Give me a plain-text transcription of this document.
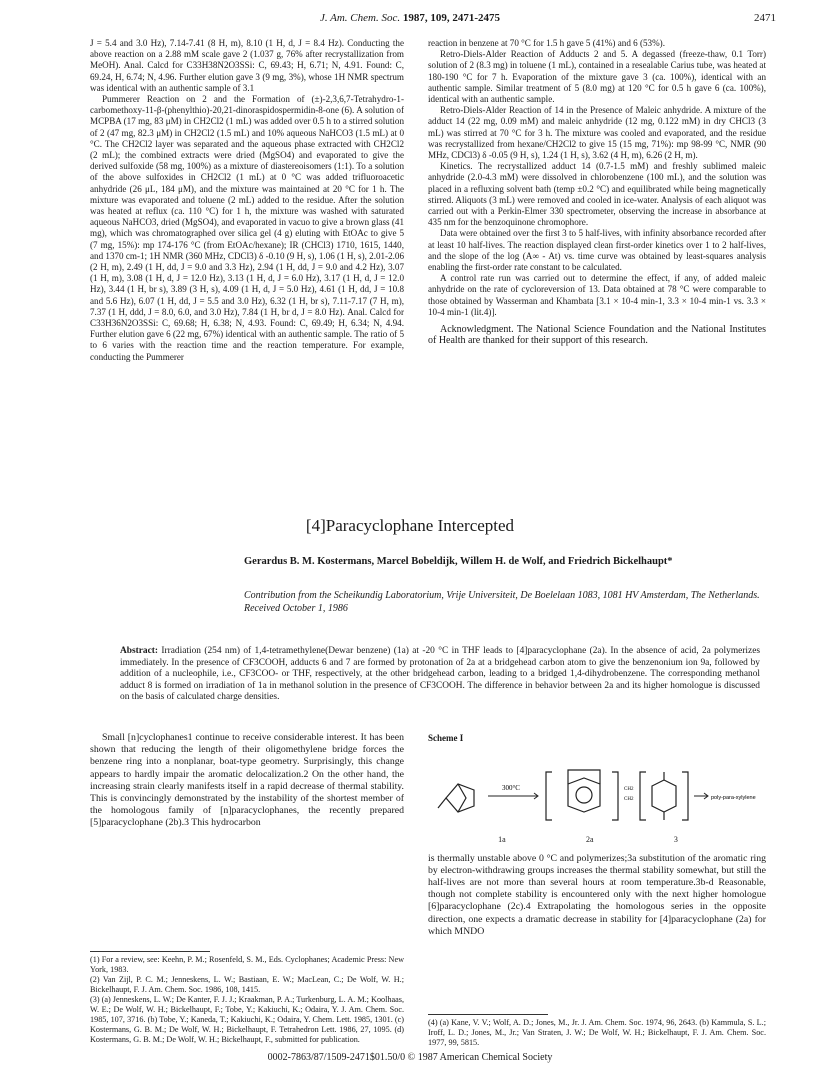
J. Am. Chem. Soc. 1987, 109, 2471-2475	2471

J = 5.4 and 3.0 Hz), 7.14-7.41 (8 H, m), 8.10 (1 H, d, J = 8.4 Hz). Conducting the above reaction on a 2.88 mM scale gave 2 (1.037 g, 76% after recrystallization from MeOH). Anal. Calcd for C33H38N2O3SSi: C, 69.43; H, 6.71; N, 4.91. Found: C, 69.24, H, 6.74; N, 4.96. Further elution gave 3 (9 mg, 3%), whose 1H NMR spectrum was identical with an authentic sample of 3.1

Pummerer Reaction on 2 and the Formation of (±)-2,3,6,7-Tetrahydro-1-carbomethoxy-11-β-(phenylthio)-20,21-dinoraspidospermidin-8-one (6). A solution of MCPBA (17 mg, 83 μM) in CH2Cl2 (1 mL) was added over 0.5 h to a stirred solution of 2 (47 mg, 82.3 μM) in CH2Cl2 (1.5 mL) and 10% aqueous NaHCO3 (1.5 mL) at 0 °C. The CH2Cl2 layer was separated and the aqueous phase extracted with CH2Cl2 (2 mL); the combined extracts were dried (MgSO4) and evaporated to give the derived sulfoxide (58 mg, 100%) as a mixture of diastereoisomers (1:1). To a solution of the above sulfoxides in CH2Cl2 (1 mL) at 0 °C was added trifluoroacetic anhydride (26 μL, 184 μM), and the mixture was maintained at 20 °C for 1 h. The mixture was evaporated and toluene (2 mL) added to the residue. After the solution was heated at reflux (ca. 110 °C) for 1 h, the mixture was washed with saturated aqueous NaHCO3, dried (MgSO4), and evaporated in vacuo to give a brown glass (41 mg), which was chromatographed over silica gel (4 g) eluting with EtOAc to give 5 (7 mg, 15%): mp 174-176 °C (from EtOAc/hexane); IR (CHCl3) 1710, 1615, 1440, and 1370 cm-1; 1H NMR (360 MHz, CDCl3) δ -0.10 (9 H, s), 1.06 (1 H, s), 2.01-2.06 (2 H, m), 2.49 (1 H, dd, J = 9.0 and 3.3 Hz), 2.94 (1 H, dd, J = 9.0 and 4.2 Hz), 3.07 (1 H, m), 3.08 (1 H, d, J = 12.0 Hz), 3.13 (1 H, d, J = 6.0 Hz), 3.17 (1 H, d, J = 12.0 Hz), 3.44 (1 H, br s), 3.89 (3 H, s), 4.09 (1 H, d, J = 5.0 Hz), 4.61 (1 H, dd, J = 10.8 and 5.6 Hz), 6.07 (1 H, dd, J = 5.5 and 3.0 Hz), 6.32 (1 H, br s), 7.11-7.17 (7 H, m), 7.37 (1 H, ddd, J = 8.0, 6.0, and 3.0 Hz), 7.84 (1 H, br d, J = 8.0 Hz). Anal. Calcd for C33H36N2O3SSi: C, 69.68; H, 6.38; N, 4.93. Found: C, 69.49; H, 6.34; N, 4.94. Further elution gave 6 (22 mg, 67%) identical with an authentic sample. The ratio of 5 to 6 varies with the reaction time and the reaction temperature. For example, conducting the Pummerer

reaction in benzene at 70 °C for 1.5 h gave 5 (41%) and 6 (53%).

Retro-Diels-Alder Reaction of Adducts 2 and 5. A degassed (freeze-thaw, 0.1 Torr) solution of 2 (8.3 mg) in toluene (1 mL), contained in a resealable Carius tube, was heated at 180-190 °C for 7 h. Evaporation of the mixture gave 3 (ca. 100%), identical with an authentic sample. Similar treatment of 5 (8.0 mg) at 120 °C for 0.5 h gave 6 (ca. 100%), identical with an authentic sample.

Retro-Diels-Alder Reaction of 14 in the Presence of Maleic anhydride. A mixture of the adduct 14 (22 mg, 0.09 mM) and maleic anhydride (12 mg, 0.122 mM) in dry CHCl3 (3 mL) was stirred at 70 °C for 3 h. The mixture was cooled and evaporated, and the residue was recrystallized from hexane/CH2Cl2 to give 15 (15 mg, 71%): mp 98-99 °C, NMR (90 MHz, CDCl3) δ -0.05 (9 H, s), 1.24 (1 H, s), 3.62 (4 H, m), 6.26 (2 H, m).

Kinetics. The recrystallized adduct 14 (0.7-1.5 mM) and freshly sublimed maleic anhydride (2.0-4.3 mM) were dissolved in chlorobenzene (100 mL), and the solution was placed in a refluxing solvent bath (temp ±0.2 °C) and equilibrated while being magnetically stirred. Aliquots (3 mL) were removed and cooled in ice-water. Analysis of each aliquot was carried out with a Perkin-Elmer 330 spectrometer, observing the increase in absorbance at 435 nm for the benzoquinone chromophore.

Data were obtained over the first 3 to 5 half-lives, with infinity absorbance recorded after at least 10 half-lives. The reaction displayed clean first-order kinetics over 1 to 2 half-lives, and the slope of the log (A∞ - At) vs. time curve was obtained by least-squares analysis enabling the first-order rate constant to be calculated.

A control rate run was carried out to determine the effect, if any, of added maleic anhydride on the rate of cycloreversion of 13. Data obtained at 78 °C were comparable to those obtained by Wasserman and Khambata [3.1 × 10-4 min-1, 3.3 × 10-4 min-1 vs. 3.3 × 10-4 min-1 (lit.4)].

Acknowledgment. The National Science Foundation and the National Institutes of Health are thanked for their support of this research.

[4]Paracyclophane Intercepted
Gerardus B. M. Kostermans, Marcel Bobeldijk, Willem H. de Wolf, and Friedrich Bickelhaupt*
Contribution from the Scheikundig Laboratorium, Vrije Universiteit, De Boelelaan 1083, 1081 HV Amsterdam, The Netherlands. Received October 1, 1986
Abstract: Irradiation (254 nm) of 1,4-tetramethylene(Dewar benzene) (1a) at -20 °C in THF leads to [4]paracyclophane (2a). In the absence of acid, 2a polymerizes immediately. In the presence of CF3COOH, adducts 6 and 7 are formed by protonation of 2a at a bridgehead carbon atom to give the benzenonium ion 9a, followed by addition of a nucleophile, i.e., CF3COO- or THF, respectively, at the other bridgehead carbon, leading to a bridged 1,4-dihydrobenzene. The corresponding methanol adduct 8 is formed on irradiation of 1a in methanol solution in the presence of CF3COOH. The difference in behavior between 2a and its higher homologue is discussed on the basis of calculated charge densities.

Small [n]cyclophanes1 continue to receive considerable interest. It has been shown that reducing the length of their oligomethylene bridge forces the benzene ring into a nonplanar, boat-type geometry. Surprisingly, this change appears to hardly impair the aromatic delocalization.2 On the other hand, the increasing strain clearly manifests itself in a rapid decrease of thermal stability. This is convincingly demonstrated by the instability of the shortest member of the homologous family of [n]paracyclophanes, the recently prepared [5]paracyclophane (2b).3 This hydrocarbon

Scheme I
300°C	CH2
CH2	poly-para-xylylene
1a	2a	3

is thermally unstable above 0 °C and polymerizes;3a substitution of the aromatic ring by electron-withdrawing groups increases the thermal stability somewhat, but still the half-lives are not more than several hours at room temperature.3b-d Reasonable, though not complete stability is encountered only with the next higher homologue [6]paracyclophane (2c).4 Extrapolating the homologous series in the opposite direction, one expects a dramatic decrease in stability for [4]paracyclophane (2a) for which MNDO

(1) For a review, see: Keehn, P. M.; Rosenfeld, S. M., Eds. Cyclophanes; Academic Press: New York, 1983.
(2) Van Zijl, P. C. M.; Jenneskens, L. W.; Bastiaan, E. W.; MacLean, C.; De Wolf, W. H.; Bickelhaupt, F. J. Am. Chem. Soc. 1986, 108, 1415.
(3) (a) Jenneskens, L. W.; De Kanter, F. J. J.; Kraakman, P. A.; Turkenburg, L. A. M.; Koolhaas, W. E.; De Wolf, W. H.; Bickelhaupt, F.; Tobe, Y.; Kakiuchi, K.; Odaira, Y. J. Am. Chem. Soc. 1985, 107, 3716. (b) Tobe, Y.; Kaneda, T.; Kakiuchi, K.; Odaira, Y. Chem. Lett. 1985, 1301. (c) Kostermans, G. B. M.; De Wolf, W. H.; Bickelhaupt, F. Tetrahedron Lett. 1986, 27, 1095. (d) Kostermans, G. B. M.; De Wolf, W. H.; Bickelhaupt, F., submitted for publication.
(4) (a) Kane, V. V.; Wolf, A. D.; Jones, M., Jr. J. Am. Chem. Soc. 1974, 96, 2643. (b) Kammula, S. L.; Iroff, L. D.; Jones, M., Jr.; Van Straten, J. W.; De Wolf, W. H.; Bickelhaupt, F. J. Am. Chem. Soc. 1977, 99, 5815.
0002-7863/87/1509-2471$01.50/0 © 1987 American Chemical Society
